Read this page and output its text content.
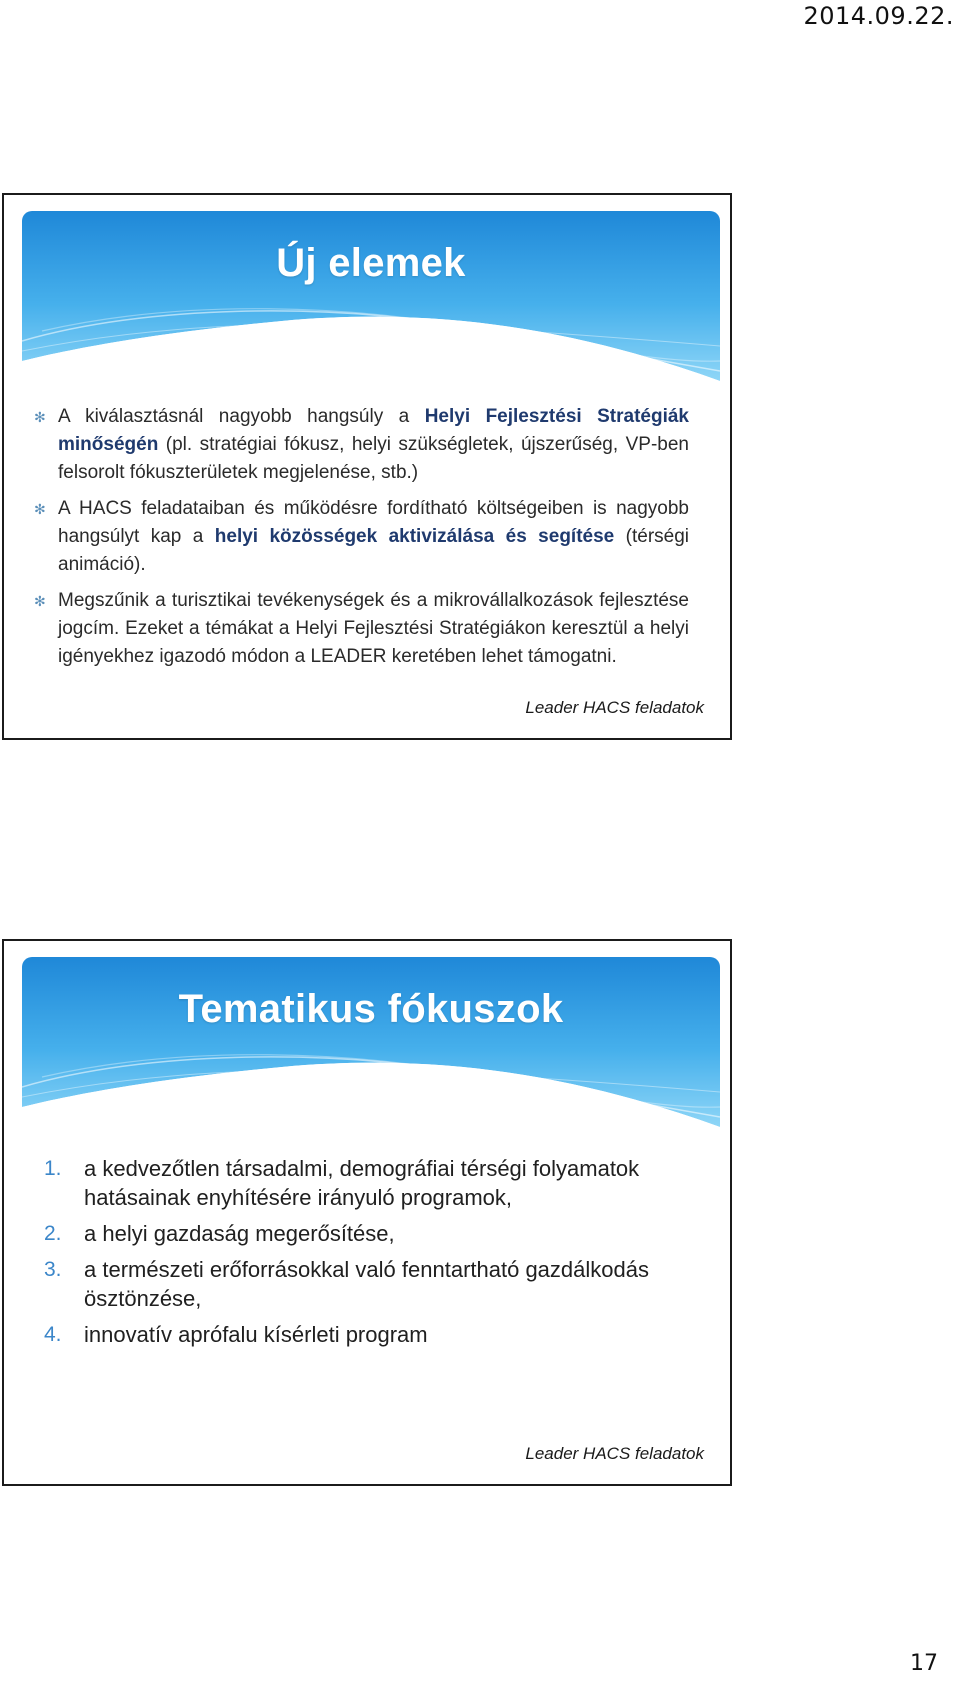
2014.09.22.
Új elemek
✻ A kiválasztásnál nagyobb hangsúly a Helyi Fejlesztési Stratégiák minőségén (pl. stratégiai fókusz, helyi szükségletek, újszerűség, VP-ben felsorolt fókuszterületek megjelenése, stb.)
✻ A HACS feladataiban és működésre fordítható költségeiben is nagyobb hangsúlyt kap a helyi közösségek aktivizálása és segítése (térségi animáció).
✻ Megszűnik a turisztikai tevékenységek és a mikrovállalkozások fejlesztése jogcím. Ezeket a témákat a Helyi Fejlesztési Stratégiákon keresztül a helyi igényekhez igazodó módon a LEADER keretében lehet támogatni.
Leader HACS feladatok
Tematikus fókuszok
1. a kedvezőtlen társadalmi, demográfiai térségi folyamatok hatásainak enyhítésére irányuló programok,
2. a helyi gazdaság megerősítése,
3. a természeti erőforrásokkal való fenntartható gazdálkodás ösztönzése,
4. innovatív aprófalu kísérleti program
Leader HACS feladatok
17
